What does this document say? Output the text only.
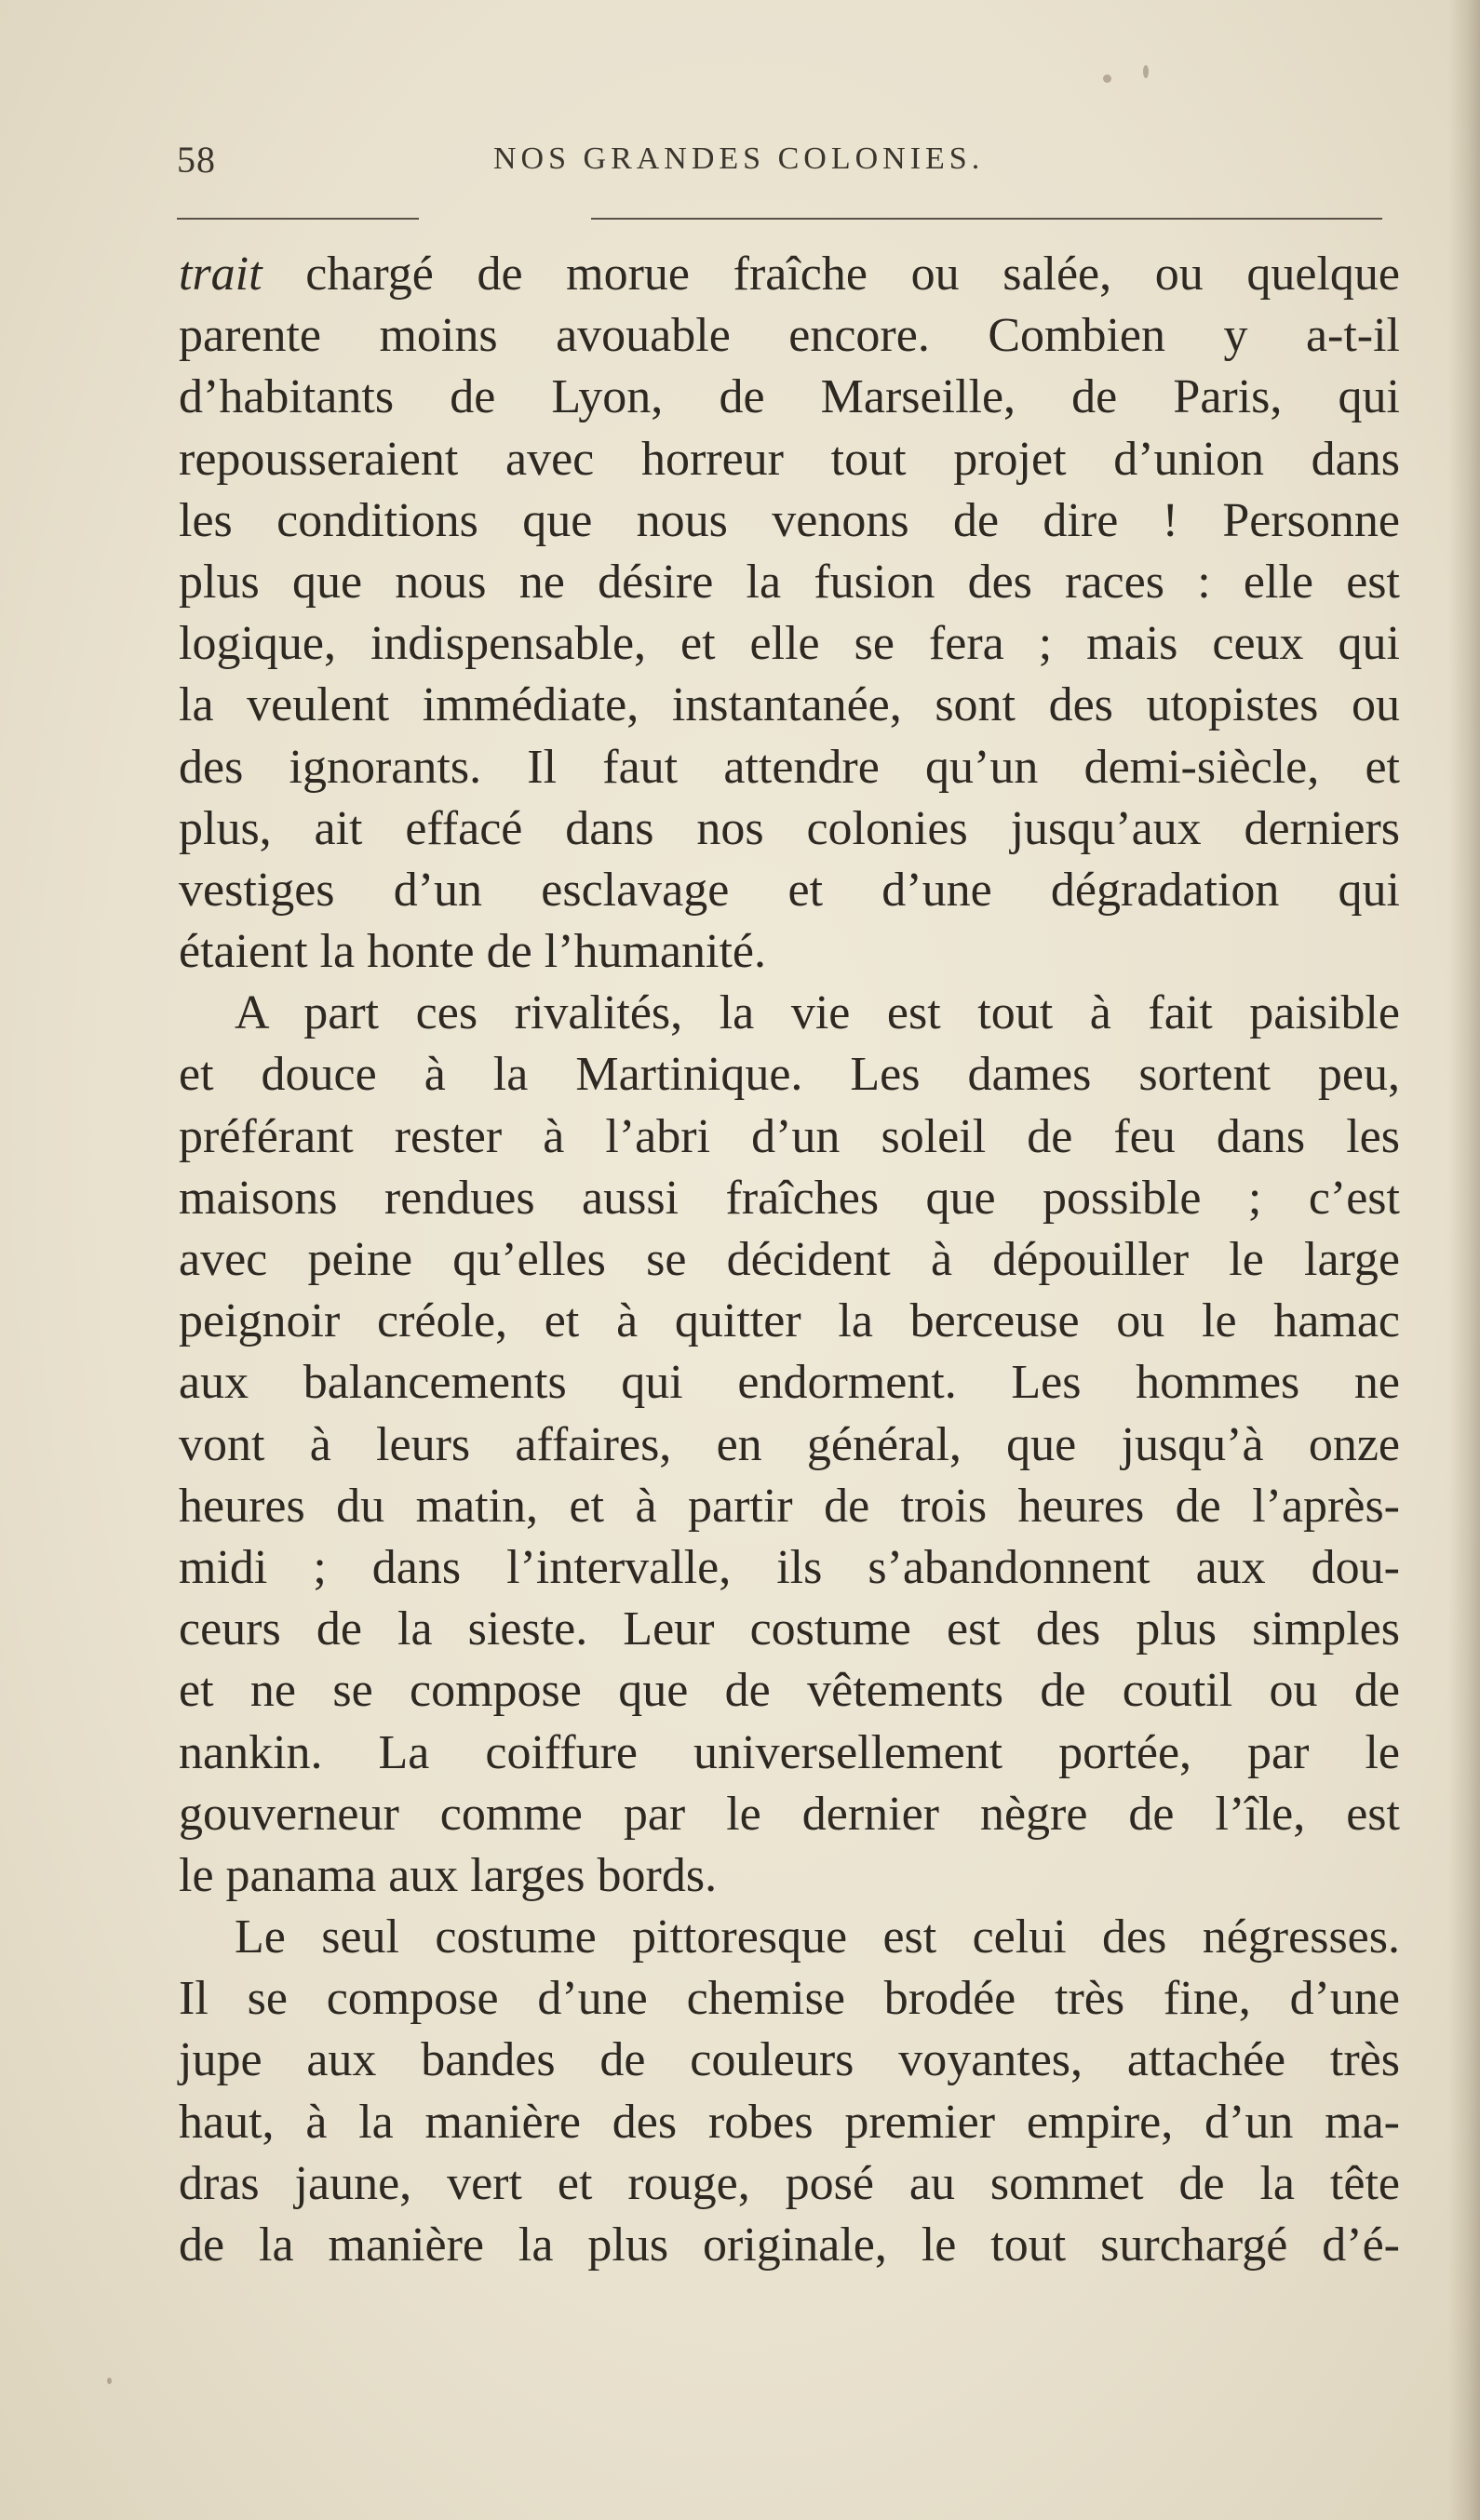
58	NOS GRANDES COLONIES.
trait chargé de morue fraîche ou salée, ou quelque
parente moins avouable encore. Combien y a-t-il
d’habitants de Lyon, de Marseille, de Paris, qui
repousseraient avec horreur tout projet d’union dans
les conditions que nous venons de dire ! Personne
plus que nous ne désire la fusion des races : elle est
logique, indispensable, et elle se fera ; mais ceux qui
la veulent immédiate, instantanée, sont des utopistes ou
des ignorants. Il faut attendre qu’un demi-siècle, et
plus, ait effacé dans nos colonies jusqu’aux derniers
vestiges d’un esclavage et d’une dégradation qui
étaient la honte de l’humanité.
A part ces rivalités, la vie est tout à fait paisible
et douce à la Martinique. Les dames sortent peu,
préférant rester à l’abri d’un soleil de feu dans les
maisons rendues aussi fraîches que possible ; c’est
avec peine qu’elles se décident à dépouiller le large
peignoir créole, et à quitter la berceuse ou le hamac
aux balancements qui endorment. Les hommes ne
vont à leurs affaires, en général, que jusqu’à onze
heures du matin, et à partir de trois heures de l’après-
midi ; dans l’intervalle, ils s’abandonnent aux dou-
ceurs de la sieste. Leur costume est des plus simples
et ne se compose que de vêtements de coutil ou de
nankin. La coiffure universellement portée, par le
gouverneur comme par le dernier nègre de l’île, est
le panama aux larges bords.
Le seul costume pittoresque est celui des négresses.
Il se compose d’une chemise brodée très fine, d’une
jupe aux bandes de couleurs voyantes, attachée très
haut, à la manière des robes premier empire, d’un ma-
dras jaune, vert et rouge, posé au sommet de la tête
de la manière la plus originale, le tout surchargé d’é-
